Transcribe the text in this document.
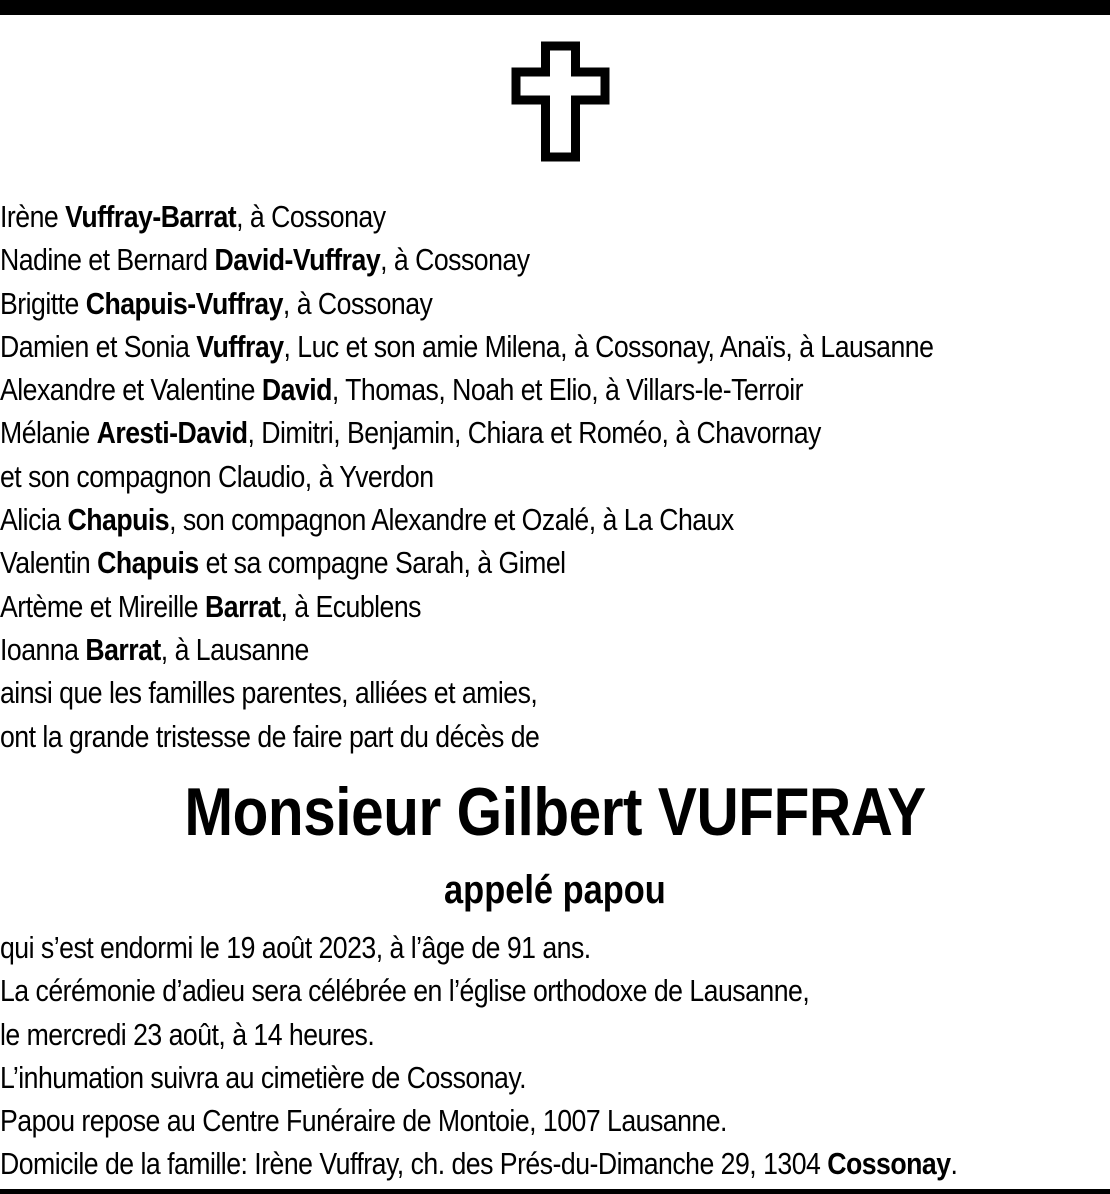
Irène Vuffray-Barrat, à Cossonay
Nadine et Bernard David-Vuffray, à Cossonay
Brigitte Chapuis-Vuffray, à Cossonay
Damien et Sonia Vuffray, Luc et son amie Milena, à Cossonay, Anaïs, à Lausanne
Alexandre et Valentine David, Thomas, Noah et Elio, à Villars-le-Terroir
Mélanie Aresti-David, Dimitri, Benjamin, Chiara et Roméo, à Chavornay
et son compagnon Claudio, à Yverdon
Alicia Chapuis, son compagnon Alexandre et Ozalé, à La Chaux
Valentin Chapuis et sa compagne Sarah, à Gimel
Artème et Mireille Barrat, à Ecublens
Ioanna Barrat, à Lausanne
ainsi que les familles parentes, alliées et amies,
ont la grande tristesse de faire part du décès de
Monsieur Gilbert VUFFRAY
appelé papou
qui s’est endormi le 19 août 2023, à l’âge de 91 ans.
La cérémonie d’adieu sera célébrée en l’église orthodoxe de Lausanne,
le mercredi 23 août, à 14 heures.
L’inhumation suivra au cimetière de Cossonay.
Papou repose au Centre Funéraire de Montoie, 1007 Lausanne.
Domicile de la famille: Irène Vuffray, ch. des Prés-du-Dimanche 29, 1304 Cossonay.
